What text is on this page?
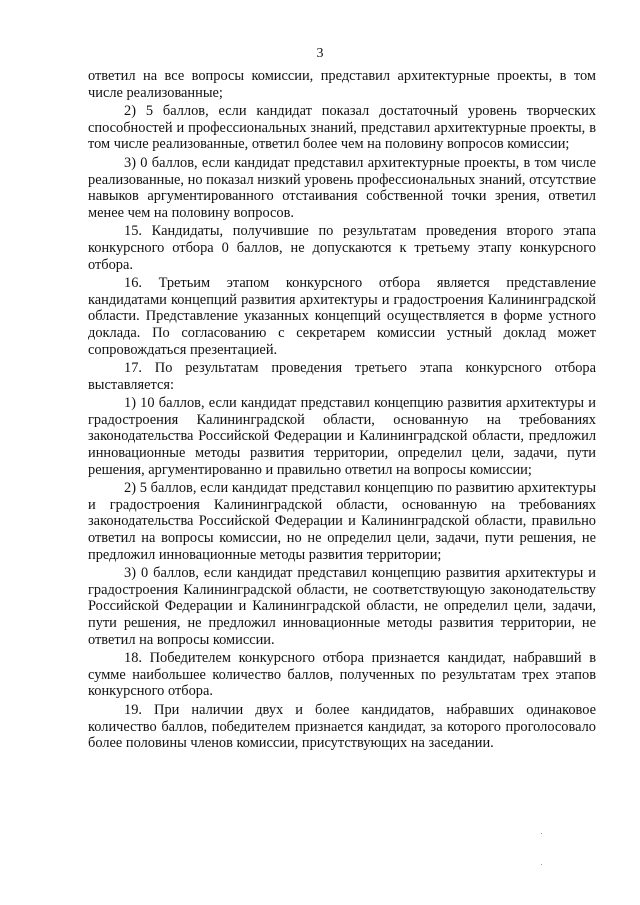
3

ответил на все вопросы комиссии, представил архитектурные проекты, в том числе реализованные;

2) 5 баллов, если кандидат показал достаточный уровень творческих способностей и профессиональных знаний, представил архитектурные проекты, в том числе реализованные, ответил более чем на половину вопросов комиссии;

3) 0 баллов, если кандидат представил архитектурные проекты, в том числе реализованные, но показал низкий уровень профессиональных знаний, отсутствие навыков аргументированного отстаивания собственной точки зрения, ответил менее чем на половину вопросов.

15. Кандидаты, получившие по результатам проведения второго этапа конкурсного отбора 0 баллов, не допускаются к третьему этапу конкурсного отбора.

16. Третьим этапом конкурсного отбора является представление кандидатами концепций развития архитектуры и градостроения Калининградской области. Представление указанных концепций осуществляется в форме устного доклада. По согласованию с секретарем комиссии устный доклад может сопровождаться презентацией.

17. По результатам проведения третьего этапа конкурсного отбора выставляется:

1) 10 баллов, если кандидат представил концепцию развития архитектуры и градостроения Калининградской области, основанную на требованиях законодательства Российской Федерации и Калининградской области, предложил инновационные методы развития территории, определил цели, задачи, пути решения, аргументированно и правильно ответил на вопросы комиссии;

2) 5 баллов, если кандидат представил концепцию по развитию архитектуры и градостроения Калининградской области, основанную на требованиях законодательства Российской Федерации и Калининградской области, правильно ответил на вопросы комиссии, но не определил цели, задачи, пути решения, не предложил инновационные методы развития территории;

3) 0 баллов, если кандидат представил концепцию развития архитектуры и градостроения Калининградской области, не соответствующую законодательству Российской Федерации и Калининградской области, не определил цели, задачи, пути решения, не предложил инновационные методы развития территории, не ответил на вопросы комиссии.

18. Победителем конкурсного отбора признается кандидат, набравший в сумме наибольшее количество баллов, полученных по результатам трех этапов конкурсного отбора.

19. При наличии двух и более кандидатов, набравших одинаковое количество баллов, победителем признается кандидат, за которого проголосовало более половины членов комиссии, присутствующих на заседании.
